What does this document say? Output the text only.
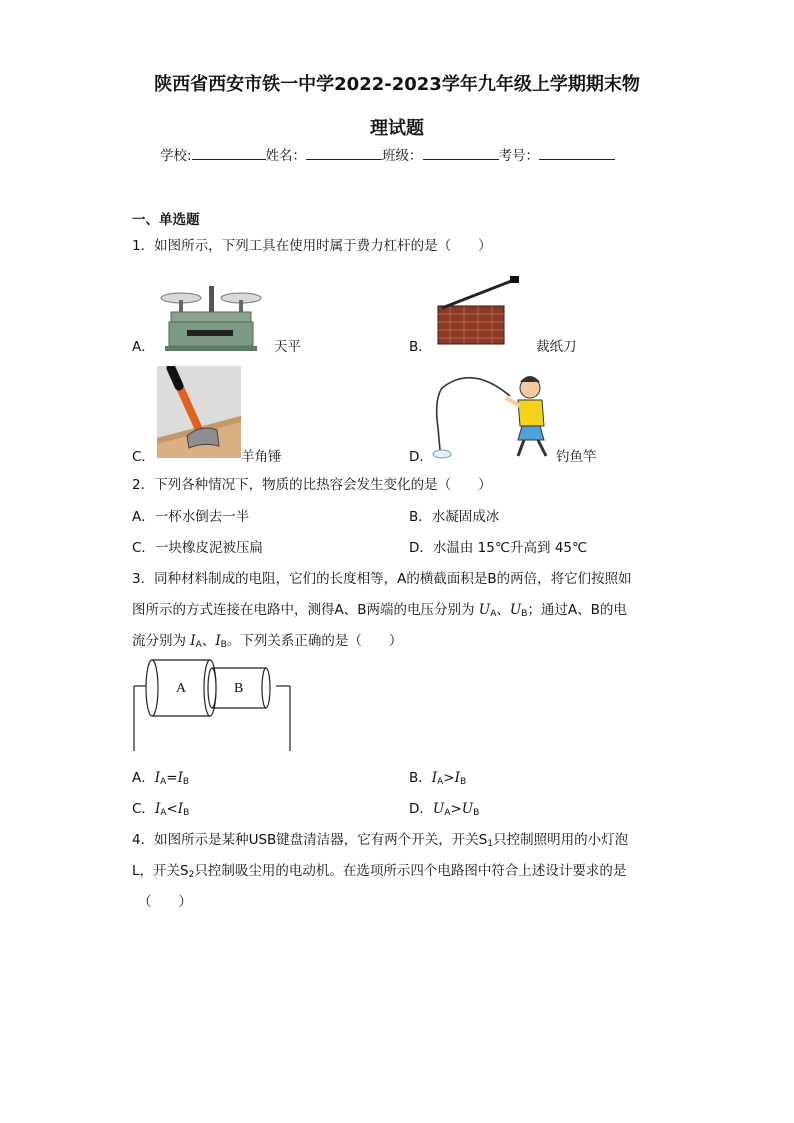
陕西省西安市铁一中学2022-2023学年九年级上学期期末物
理试题
学校:	姓名：	班级：	考号：
一、单选题
1．如图所示，下列工具在使用时属于费力杠杆的是（　　）
A．	天平	B．	裁纸刀
C．	羊角锤	D．	钓鱼竿
2．下列各种情况下，物质的比热容会发生变化的是（　　）
A．一杯水倒去一半	B．水凝固成冰
C．一块橡皮泥被压扁	D．水温由 15℃升高到 45℃
3．同种材料制成的电阻，它们的长度相等，A的横截面积是B的两倍，将它们按照如
图所示的方式连接在电路中，测得A、B两端的电压分别为 $U_A$、$U_B$；通过A、B的电
流分别为 $I_A$、$I_B$。下列关系正确的是（　　）
A	B
A．$I_A=I_B$	B．$I_A>I_B$
C．$I_A<I_B$	D．$U_A>U_B$
4．如图所示是某种USB键盘清洁器，它有两个开关，开关$S_1$只控制照明用的小灯泡
L，开关$S_2$只控制吸尘用的电动机。在选项所示四个电路图中符合上述设计要求的是
（　　）
